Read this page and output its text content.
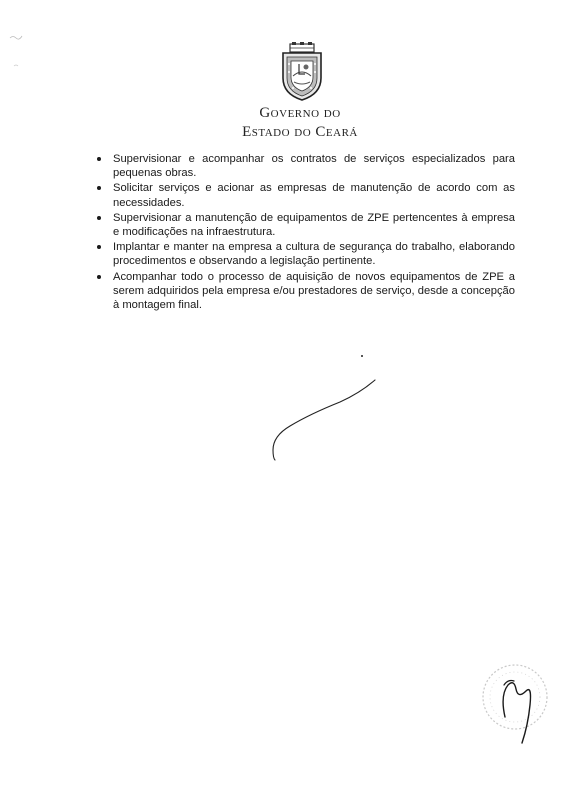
Governo do
Estado do Ceará
Supervisionar e acompanhar os contratos de serviços especializados para pequenas obras.
Solicitar serviços e acionar as empresas de manutenção de acordo com as necessidades.
Supervisionar a manutenção de equipamentos de ZPE pertencentes à empresa e modificações na infraestrutura.
Implantar e manter na empresa a cultura de segurança do trabalho, elaborando procedimentos e observando a legislação pertinente.
Acompanhar todo o processo de aquisição de novos equipamentos de ZPE a serem adquiridos pela empresa e/ou prestadores de serviço, desde a concepção à montagem final.
